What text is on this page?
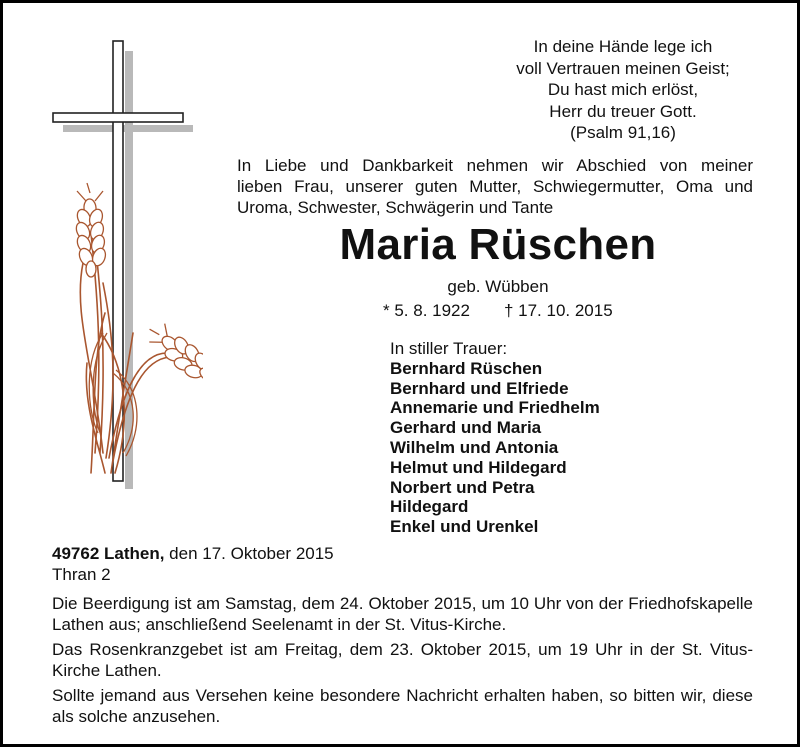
In deine Hände lege ich
voll Vertrauen meinen Geist;
Du hast mich erlöst,
Herr du treuer Gott.
(Psalm 91,16)
In Liebe und Dankbarkeit nehmen wir Abschied von meiner
lieben Frau, unserer guten Mutter, Schwiegermutter, Oma und
Uroma, Schwester, Schwägerin und Tante
Maria Rüschen
geb. Wübben
* 5. 8. 1922 † 17. 10. 2015
In stiller Trauer:
Bernhard Rüschen
Bernhard und Elfriede
Annemarie und Friedhelm
Gerhard und Maria
Wilhelm und Antonia
Helmut und Hildegard
Norbert und Petra
Hildegard
Enkel und Urenkel
49762 Lathen, den 17. Oktober 2015
Thran 2

Die Beerdigung ist am Samstag, dem 24. Oktober 2015, um 10 Uhr von der Friedhofskapelle
Lathen aus; anschließend Seelenamt in der St. Vitus-Kirche.

Das Rosenkranzgebet ist am Freitag, dem 23. Oktober 2015, um 19 Uhr in der St. Vitus-
Kirche Lathen.

Sollte jemand aus Versehen keine besondere Nachricht erhalten haben, so bitten wir, diese
als solche anzusehen.
